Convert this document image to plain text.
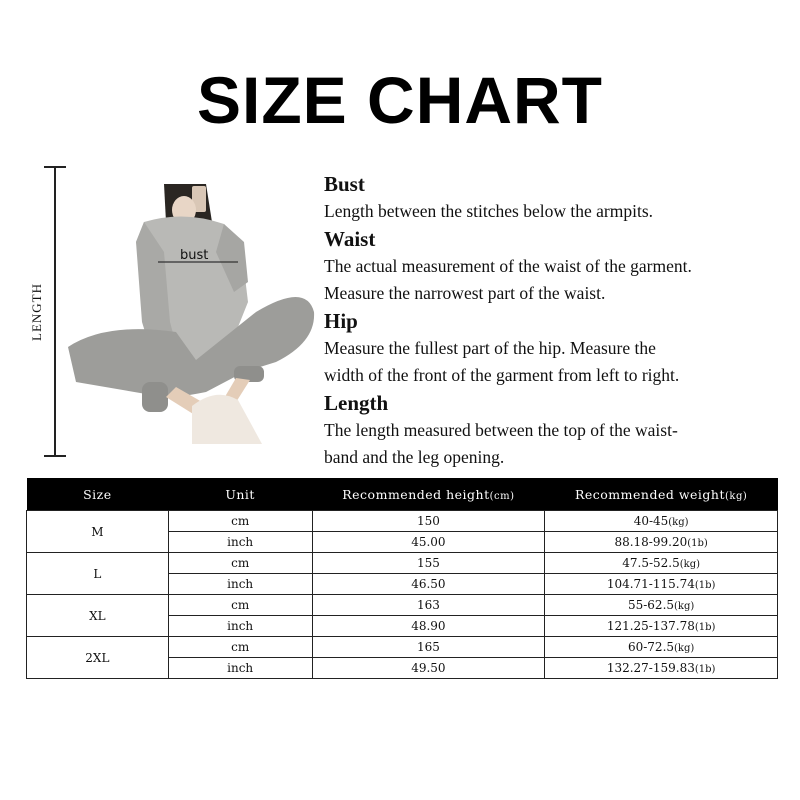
SIZE CHART
LENGTH
bust
Bust

Length between the stitches below the armpits.

Waist

The actual measurement of the waist of the garment.

Measure the narrowest part of the waist.

Hip

Measure the fullest part of the hip. Measure the

width of the front of the garment from left to right.

Length

The length measured between the top of the waist-

band and the leg opening.

Size	Unit	Recommended height(cm)	Recommended weight(kg)
M	cm	150	40-45(kg)
	inch	45.00	88.18-99.20(1b)
L	cm	155	47.5-52.5(kg)
	inch	46.50	104.71-115.74(1b)
XL	cm	163	55-62.5(kg)
	inch	48.90	121.25-137.78(1b)
2XL	cm	165	60-72.5(kg)
	inch	49.50	132.27-159.83(1b)
